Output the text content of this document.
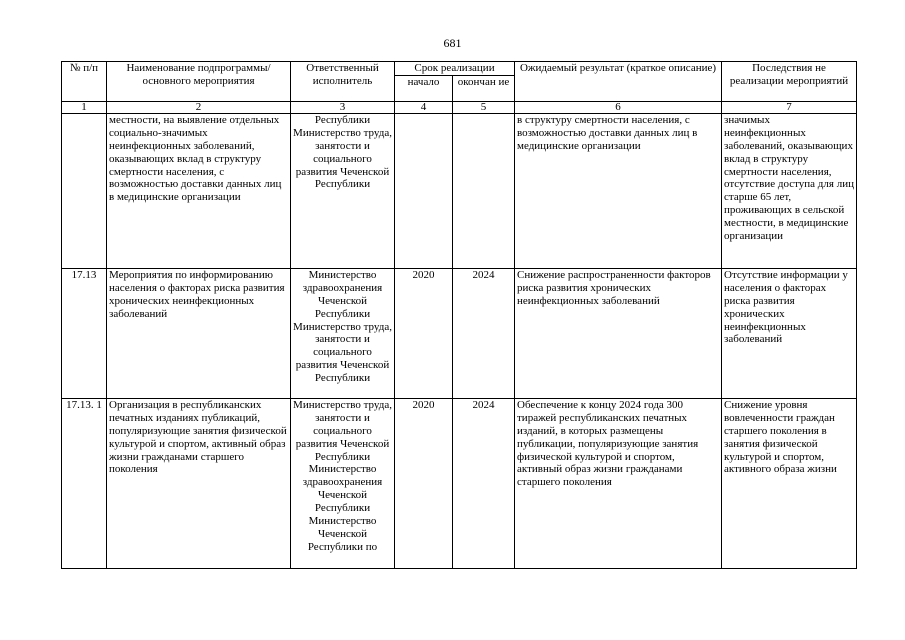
681
№ п/п	Наименование подпрограммы/ основного мероприятия	Ответственный исполнитель	Срок реализации		Ожидаемый результат (краткое описание)	Последствия не реализации мероприятий
			начало	окончан ие		
1	2	3	4	5	6	7
	местности, на выявление отдельных социально-значимых неинфекционных заболеваний, оказывающих вклад в структуру смертности населения, с возможностью доставки данных лиц в медицинские организации	Республики Министерство труда, занятости и социального развития Чеченской Республики			в структуру смертности населения, с возможностью доставки данных лиц в медицинские организации	значимых неинфекционных заболеваний, оказывающих вклад в структуру смертности населения, отсутствие доступа для лиц старше 65 лет, проживающих в сельской местности, в медицинские организации
17.13	Мероприятия по информированию населения о факторах риска развития хронических неинфекционных заболеваний	Министерство здравоохранения Чеченской Республики Министерство труда, занятости и социального развития Чеченской Республики	2020	2024	Снижение распространенности факторов риска развития хронических неинфекционных заболеваний	Отсутствие информации у населения о факторах риска развития хронических неинфекционных заболеваний
17.13. 1	Организация в республиканских печатных изданиях публикаций, популяризующие занятия физической культурой и спортом, активный образ жизни гражданами старшего поколения	Министерство труда, занятости и социального развития Чеченской Республики Министерство здравоохранения Чеченской Республики Министерство Чеченской Республики по	2020	2024	Обеспечение к концу 2024 года 300 тиражей республиканских печатных изданий, в которых размещены публикации, популяризующие занятия физической культурой и спортом, активный образ жизни гражданами старшего поколения	Снижение уровня вовлеченности граждан старшего поколения в занятия физической культурой и спортом, активного образа жизни
